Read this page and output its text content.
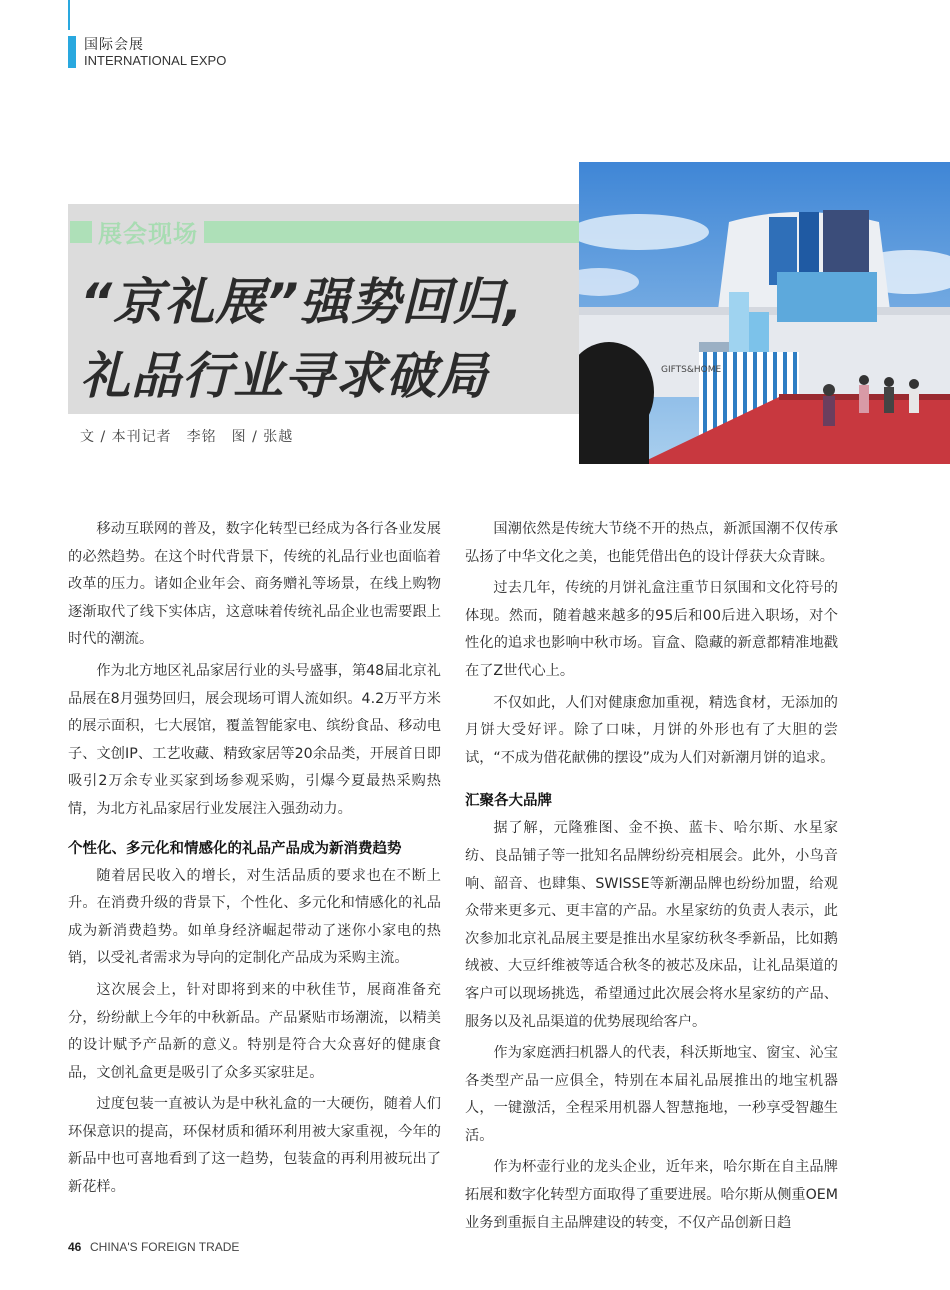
国际会展
INTERNATIONAL EXPO
展会现场
“京礼展”强势回归,
礼品行业寻求破局
文 / 本刊记者　李铭　图 / 张越
GIFTS&HOME

移动互联网的普及，数字化转型已经成为各行各业发展的必然趋势。在这个时代背景下，传统的礼品行业也面临着改革的压力。诸如企业年会、商务赠礼等场景，在线上购物逐渐取代了线下实体店，这意味着传统礼品企业也需要跟上时代的潮流。

作为北方地区礼品家居行业的头号盛事，第48届北京礼品展在8月强势回归，展会现场可谓人流如织。4.2万平方米的展示面积，七大展馆，覆盖智能家电、缤纷食品、移动电子、文创IP、工艺收藏、精致家居等20余品类，开展首日即吸引2万余专业买家到场参观采购，引爆今夏最热采购热情，为北方礼品家居行业发展注入强劲动力。

个性化、多元化和情感化的礼品产品成为新消费趋势

随着居民收入的增长，对生活品质的要求也在不断上升。在消费升级的背景下，个性化、多元化和情感化的礼品成为新消费趋势。如单身经济崛起带动了迷你小家电的热销，以受礼者需求为导向的定制化产品成为采购主流。

这次展会上，针对即将到来的中秋佳节，展商准备充分，纷纷献上今年的中秋新品。产品紧贴市场潮流，以精美的设计赋予产品新的意义。特别是符合大众喜好的健康食品，文创礼盒更是吸引了众多买家驻足。

过度包装一直被认为是中秋礼盒的一大硬伤，随着人们环保意识的提高，环保材质和循环利用被大家重视，今年的新品中也可喜地看到了这一趋势，包装盒的再利用被玩出了新花样。

国潮依然是传统大节绕不开的热点，新派国潮不仅传承弘扬了中华文化之美，也能凭借出色的设计俘获大众青睐。

过去几年，传统的月饼礼盒注重节日氛围和文化符号的体现。然而，随着越来越多的95后和00后进入职场，对个性化的追求也影响中秋市场。盲盒、隐藏的新意都精准地戳在了Z世代心上。

不仅如此，人们对健康愈加重视，精选食材，无添加的月饼大受好评。除了口味，月饼的外形也有了大胆的尝试，“不成为借花献佛的摆设”成为人们对新潮月饼的追求。

汇聚各大品牌

据了解，元隆雅图、金不换、蓝卡、哈尔斯、水星家纺、良品铺子等一批知名品牌纷纷亮相展会。此外，小鸟音响、韶音、也肆集、SWISSE等新潮品牌也纷纷加盟，给观众带来更多元、更丰富的产品。水星家纺的负责人表示，此次参加北京礼品展主要是推出水星家纺秋冬季新品，比如鹅绒被、大豆纤维被等适合秋冬的被芯及床品，让礼品渠道的客户可以现场挑选，希望通过此次展会将水星家纺的产品、服务以及礼品渠道的优势展现给客户。

作为家庭洒扫机器人的代表，科沃斯地宝、窗宝、沁宝各类型产品一应俱全，特别在本届礼品展推出的地宝机器人，一键激活，全程采用机器人智慧拖地，一秒享受智趣生活。

作为杯壶行业的龙头企业，近年来，哈尔斯在自主品牌拓展和数字化转型方面取得了重要进展。哈尔斯从侧重OEM业务到重振自主品牌建设的转变，不仅产品创新日趋

46 CHINA'S FOREIGN TRADE
